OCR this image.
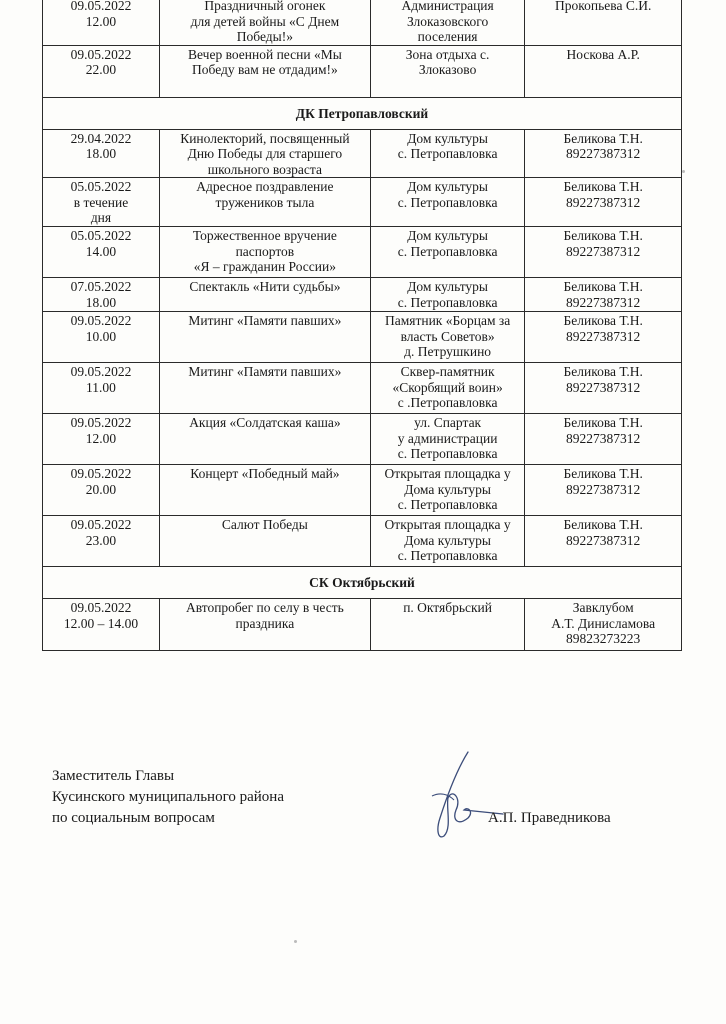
09.05.2022
12.00	Праздничный огонек
для детей войны «С Днем
Победы!»	Администрация
Злоказовского
поселения	Прокопьева С.И.
09.05.2022
22.00	Вечер военной песни «Мы
Победу вам не отдадим!»	Зона отдыха с.
Злоказово	Носкова А.Р.
ДК Петропавловский			
29.04.2022
18.00	Кинолекторий, посвященный
Дню Победы для старшего
школьного возраста	Дом культуры
с. Петропавловка	Беликова Т.Н.
89227387312
05.05.2022
в течение
дня	Адресное поздравление
тружеников тыла	Дом культуры
с. Петропавловка	Беликова Т.Н.
89227387312
05.05.2022
14.00	Торжественное вручение
паспортов
«Я – гражданин России»	Дом культуры
с. Петропавловка	Беликова Т.Н.
89227387312
07.05.2022
18.00	Спектакль «Нити судьбы»	Дом культуры
с. Петропавловка	Беликова Т.Н.
89227387312
09.05.2022
10.00	Митинг «Памяти павших»	Памятник «Борцам за
власть Советов»
д. Петрушкино	Беликова Т.Н.
89227387312
09.05.2022
11.00	Митинг «Памяти павших»	Сквер-памятник
«Скорбящий воин»
с .Петропавловка	Беликова Т.Н.
89227387312
09.05.2022
12.00	Акция «Солдатская каша»	ул. Спартак
у администрации
с. Петропавловка	Беликова Т.Н.
89227387312
09.05.2022
20.00	Концерт «Победный май»	Открытая площадка у
Дома культуры
с. Петропавловка	Беликова Т.Н.
89227387312
09.05.2022
23.00	Салют Победы	Открытая площадка у
Дома культуры
с. Петропавловка	Беликова Т.Н.
89227387312
СК Октябрьский			
09.05.2022
12.00 – 14.00	Автопробег по селу в честь
праздника	п. Октябрьский	Завклубом
А.Т. Динисламова
89823273223
Заместитель Главы
Кусинского муниципального района
по социальным вопросам	А.П. Праведникова
